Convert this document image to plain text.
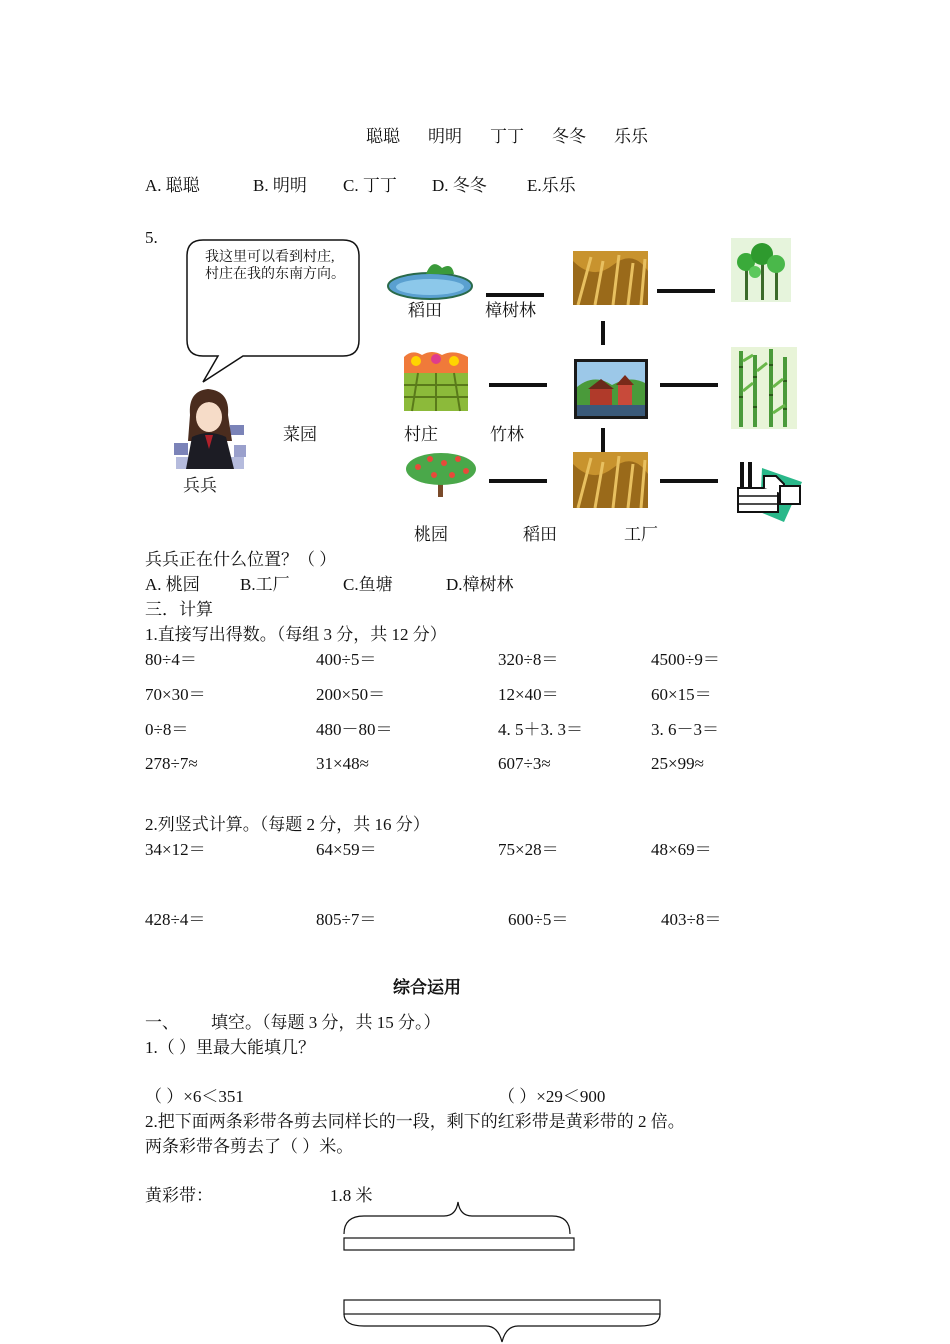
聪聪 明明 丁丁 冬冬 乐乐
A. 聪聪	B. 明明 C. 丁丁 D. 冬冬 E.乐乐
5.
我这里可以看到村庄,村庄在我的东南方向。
兵兵
稻田	樟树林
菜园	村庄	竹林
桃园	稻田	工厂
兵兵正在什么位置？（ ）
A. 桃园 B.工厂	C.鱼塘	D.樟树林
三．计算
1.直接写出得数。（每组 3 分，共 12 分）
80÷4＝	400÷5＝	320÷8＝	4500÷9＝
70×30＝	200×50＝	12×40＝	60×15＝
0÷8＝	480－80＝	4. 5＋3. 3＝	3. 6－3＝
278÷7≈	31×48≈	607÷3≈	25×99≈
2.列竖式计算。（每题 2 分，共 16 分）
34×12＝	64×59＝	75×28＝	48×69＝
428÷4＝	805÷7＝	600÷5＝	403÷8＝
综合运用
一、 填空。（每题 3 分，共 15 分。）
1.（ ）里最大能填几？
（ ）×6＜351	（ ）×29＜900
2.把下面两条彩带各剪去同样长的一段，剩下的红彩带是黄彩带的 2 倍。
两条彩带各剪去了（ ）米。
黄彩带：	1.8 米
